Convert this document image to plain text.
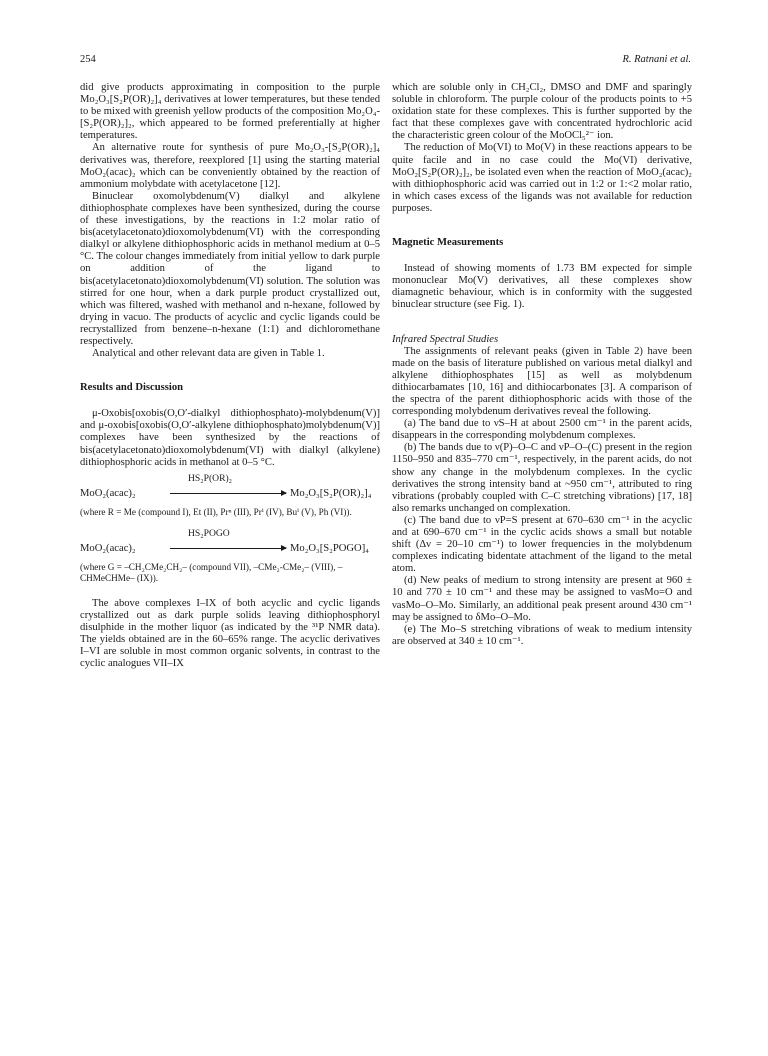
254	R. Ratnani et al.

did give products approximating in composition to the purple Mo₂O₃[S₂P(OR)₂]₄ derivatives at lower temperatures, but these tended to be mixed with greenish yellow products of the composition Mo₂O₄-[S₂P(OR)₂]₂, which appeared to be formed preferentially at higher temperatures.

An alternative route for synthesis of pure Mo₂O₃-[S₂P(OR)₂]₄ derivatives was, therefore, reexplored [1] using the starting material MoO₂(acac)₂ which can be conveniently obtained by the reaction of ammonium molybdate with acetylacetone [12].

Binuclear oxomolybdenum(V) dialkyl and alkylene dithiophosphate complexes have been synthesized, during the course of these investigations, by the reactions in 1:2 molar ratio of bis(acetylacetonato)dioxomolybdenum(VI) with the corresponding dialkyl or alkylene dithiophosphoric acids in methanol medium at 0–5 °C. The colour changes immediately from initial yellow to dark purple on addition of the ligand to bis(acetylacetonato)dioxomolybdenum(VI) solution. The solution was stirred for one hour, when a dark purple product crystallized out, which was filtered, washed with methanol and n-hexane, followed by drying in vacuo. The products of acyclic and cyclic ligands could be recrystallized from benzene–n-hexane (1:1) and dichloromethane respectively.

Analytical and other relevant data are given in Table 1.

Results and Discussion

μ-Oxobis[oxobis(O,O′-dialkyl dithiophosphato)-molybdenum(V)] and μ-oxobis[oxobis(O,O′-alkylene dithiophosphato)molybdenum(V)] complexes have been synthesized by the reactions of bis(acetylacetonato)dioxomolybdenum(VI) with dialkyl (alkylene) dithiophosphoric acids in methanol at 0–5 °C.

MoO₂(acac)₂
HS₂P(OR)₂
Mo₂O₃[S₂P(OR)₂]₄

(where R = Me (compound I), Et (II), Prⁿ (III), Prⁱ (IV), Buⁱ (V), Ph (VI)).

MoO₂(acac)₂
HS₂POGO
Mo₂O₃[S₂POGO]₄

(where G = –CH₂CMe₂CH₂– (compound VII), –CMe₂-CMe₂– (VIII), –CHMeCHMe– (IX)).

The above complexes I–IX of both acyclic and cyclic ligands crystallized out as dark purple solids leaving dithiophosphoryl disulphide in the mother liquor (as indicated by the ³¹P NMR data). The yields obtained are in the 60–65% range. The acyclic derivatives I–VI are soluble in most common organic solvents, in contrast to the cyclic analogues VII–IX

which are soluble only in CH₂Cl₂, DMSO and DMF and sparingly soluble in chloroform. The purple colour of the products points to +5 oxidation state for these complexes. This is further supported by the fact that these complexes gave with concentrated hydrochloric acid the characteristic green colour of the MoOCl₅²⁻ ion.

The reduction of Mo(VI) to Mo(V) in these reactions appears to be quite facile and in no case could the Mo(VI) derivative, MoO₂[S₂P(OR)₂]₂, be isolated even when the reaction of MoO₂(acac)₂ with dithiophosphoric acid was carried out in 1:2 or 1:<2 molar ratio, in which cases excess of the ligands was not available for reduction purposes.

Magnetic Measurements

Instead of showing moments of 1.73 BM expected for simple mononuclear Mo(V) derivatives, all these complexes show diamagnetic behaviour, which is in conformity with the suggested binuclear structure (see Fig. 1).

Infrared Spectral Studies

The assignments of relevant peaks (given in Table 2) have been made on the basis of literature published on various metal dialkyl and alkylene dithiophosphates [15] as well as molybdenum dithiocarbamates [10, 16] and dithiocarbonates [3]. A comparison of the spectra of the parent dithiophosphoric acids with those of the corresponding molybdenum derivatives reveal the following.

(a) The band due to νS–H at about 2500 cm⁻¹ in the parent acids, disappears in the corresponding molybdenum complexes.

(b) The bands due to ν(P)–O–C and νP–O–(C) present in the region 1150–950 and 835–770 cm⁻¹, respectively, in the parent acids, do not show any change in the molybdenum complexes. In the cyclic derivatives the strong intensity band at ~950 cm⁻¹, attributed to ring vibrations (probably coupled with C–C stretching vibrations) [17, 18] also remarks unchanged on complexation.

(c) The band due to νP=S present at 670–630 cm⁻¹ in the acyclic and at 690–670 cm⁻¹ in the cyclic acids shows a small but notable shift (Δν = 20–10 cm⁻¹) to lower frequencies in the molybdenum complexes indicating bidentate attachment of the ligand to the metal atom.

(d) New peaks of medium to strong intensity are present at 960 ± 10 and 770 ± 10 cm⁻¹ and these may be assigned to νasMo=O and νasMo–O–Mo. Similarly, an additional peak present around 430 cm⁻¹ may be assigned to δMo–O–Mo.

(e) The Mo–S stretching vibrations of weak to medium intensity are observed at 340 ± 10 cm⁻¹.
